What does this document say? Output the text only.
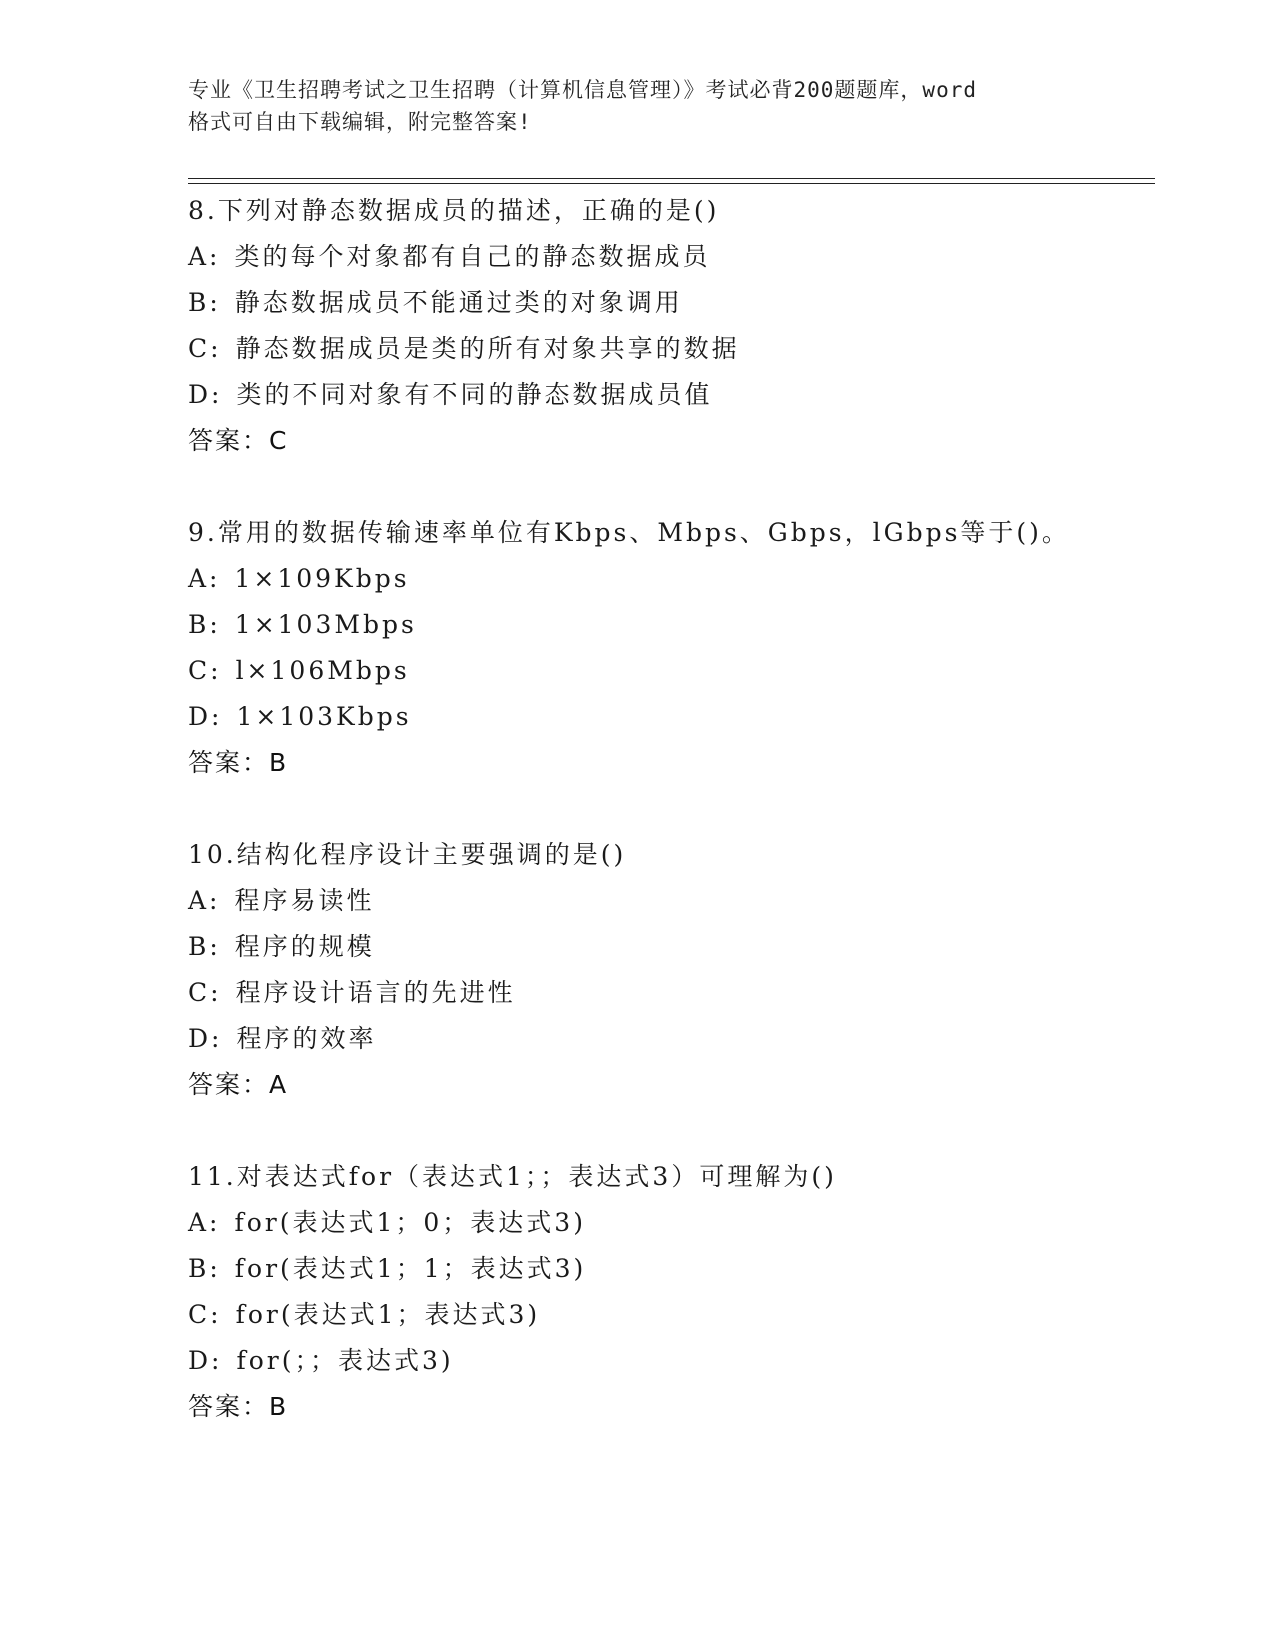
专业《卫生招聘考试之卫生招聘（计算机信息管理）》考试必背200题题库，word
格式可自由下载编辑，附完整答案!
8.下列对静态数据成员的描述，正确的是()
A: 类的每个对象都有自己的静态数据成员
B: 静态数据成员不能通过类的对象调用
C: 静态数据成员是类的所有对象共享的数据
D: 类的不同对象有不同的静态数据成员值
答案：C
9.常用的数据传输速率单位有Kbps、Mbps、Gbps，lGbps等于()。
A: 1×109Kbps
B: 1×103Mbps
C: l×106Mbps
D: 1×103Kbps
答案：B
10.结构化程序设计主要强调的是()
A: 程序易读性
B: 程序的规模
C: 程序设计语言的先进性
D: 程序的效率
答案：A
11.对表达式for（表达式1；；表达式3）可理解为()
A: for(表达式1；0；表达式3)
B: for(表达式1；1；表达式3)
C: for(表达式1；表达式3)
D: for(；；表达式3)
答案：B
